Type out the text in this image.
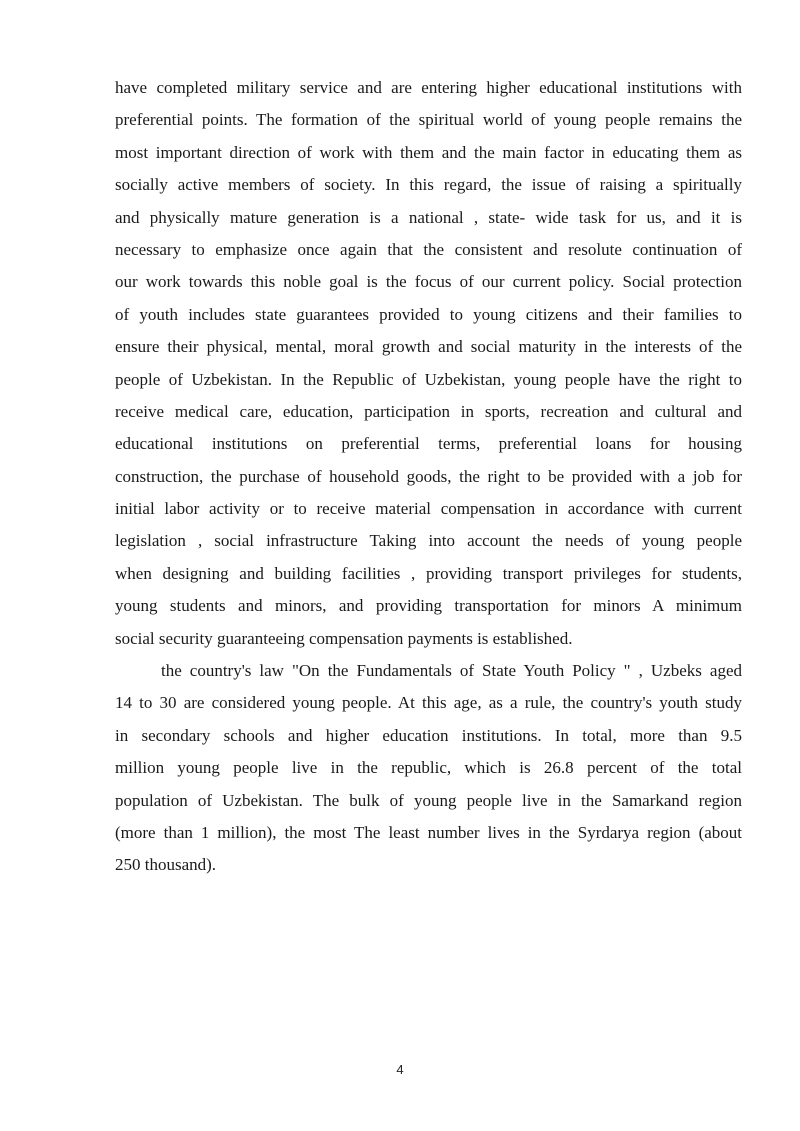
have completed military service and are entering higher educational institutions with
preferential points. The formation of the spiritual world of young people remains the
most important direction of work with them and the main factor in educating them as
socially active members of society. In this regard, the issue of raising a spiritually
and physically mature generation is a national , state- wide task for us, and it is
necessary to emphasize once again that the consistent and resolute continuation of
our work towards this noble goal is the focus of our current policy. Social protection
of youth includes state guarantees provided to young citizens and their families to
ensure their physical, mental, moral growth and social maturity in the interests of the
people of Uzbekistan. In the Republic of Uzbekistan, young people have the right to
receive medical care, education, participation in sports, recreation and cultural and
educational institutions on preferential terms, preferential loans for housing
construction, the purchase of household goods, the right to be provided with a job for
initial labor activity or to receive material compensation in accordance with current
legislation , social infrastructure Taking into account the needs of young people
when designing and building facilities , providing transport privileges for students,
young students and minors, and providing transportation for minors A minimum
social security guaranteeing compensation payments is established.
the country's law "On the Fundamentals of State Youth Policy " , Uzbeks aged
14 to 30 are considered young people. At this age, as a rule, the country's youth study
in secondary schools and higher education institutions. In total, more than 9.5
million young people live in the republic, which is 26.8 percent of the total
population of Uzbekistan. The bulk of young people live in the Samarkand region
(more than 1 million), the most The least number lives in the Syrdarya region (about
250 thousand).
4
